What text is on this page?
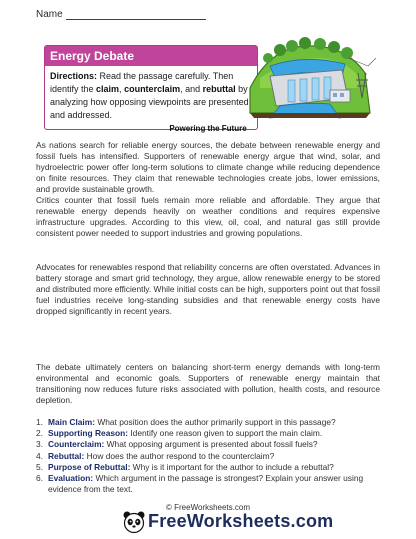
Name
Energy Debate
Directions: Read the passage carefully. Then identify the claim, counterclaim, and rebuttal by analyzing how opposing viewpoints are presented and addressed.
Powering the Future

As nations search for reliable energy sources, the debate between renewable energy and fossil fuels has intensified. Supporters of renewable energy argue that wind, solar, and hydroelectric power offer long-term solutions to climate change while reducing dependence on finite resources. They claim that renewable technologies create jobs, lower emissions, and provide sustainable growth.

Critics counter that fossil fuels remain more reliable and affordable. They argue that renewable energy depends heavily on weather conditions and requires expensive infrastructure upgrades. According to this view, oil, coal, and natural gas still provide consistent power needed to support industries and growing populations.

Advocates for renewables respond that reliability concerns are often overstated. Advances in battery storage and smart grid technology, they argue, allow renewable energy to be stored and distributed more efficiently. While initial costs can be high, supporters point out that fossil fuel industries receive long-standing subsidies and that renewable energy costs have dropped significantly in recent years.

The debate ultimately centers on balancing short-term energy demands with long-term environmental and economic goals. Supporters of renewable energy maintain that transitioning now reduces future risks associated with pollution, health costs, and resource depletion.

1. Main Claim: What position does the author primarily support in this passage?
2. Supporting Reason: Identify one reason given to support the main claim.
3. Counterclaim: What opposing argument is presented about fossil fuels?
4. Rebuttal: How does the author respond to the counterclaim?
5. Purpose of Rebuttal: Why is it important for the author to include a rebuttal?
6. Evaluation: Which argument in the passage is strongest? Explain your answer using evidence from the text.
© FreeWorksheets.com
FreeWorksheets.com
